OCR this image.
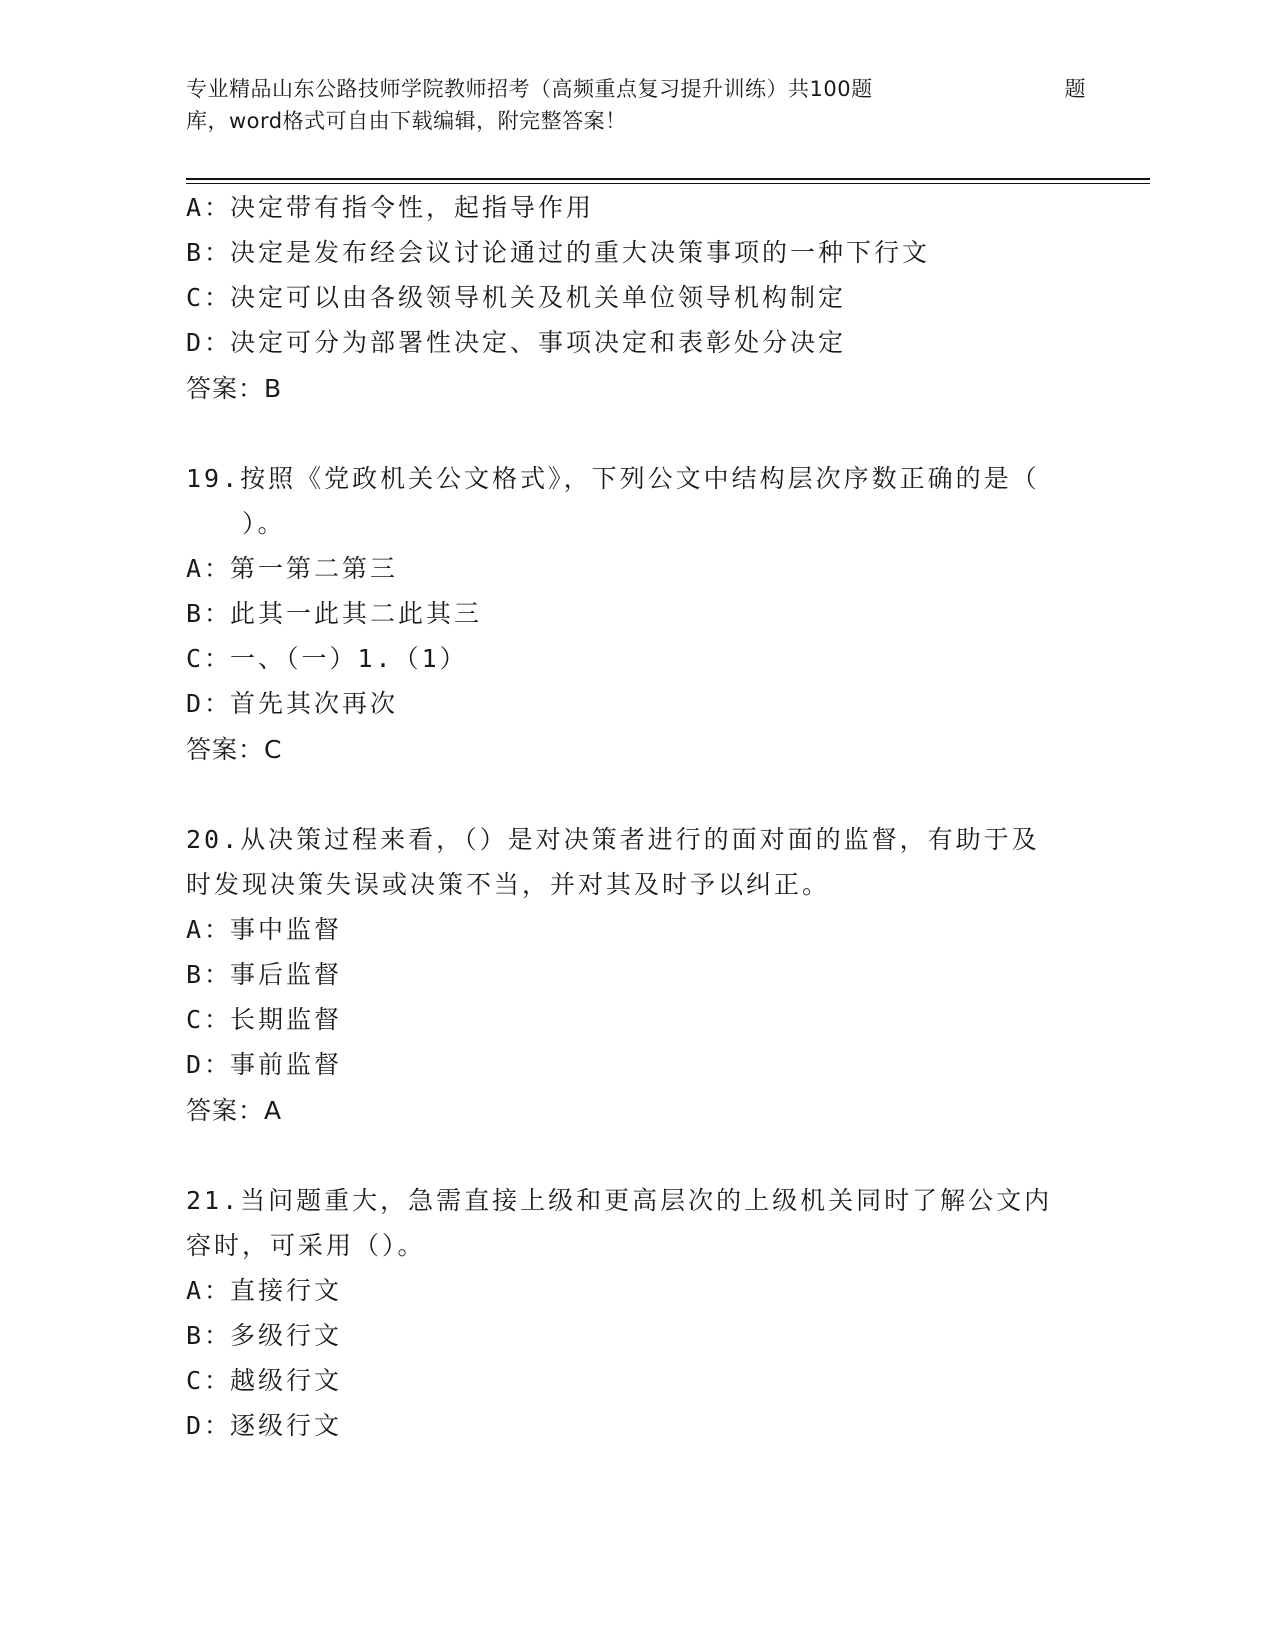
专业精品山东公路技师学院教师招考（高频重点复习提升训练）共100题	题
库，word格式可自由下载编辑，附完整答案！
A：决定带有指令性，起指导作用
B：决定是发布经会议讨论通过的重大决策事项的一种下行文
C：决定可以由各级领导机关及机关单位领导机构制定
D：决定可分为部署性决定、事项决定和表彰处分决定
答案：B
19.按照《党政机关公文格式》，下列公文中结构层次序数正确的是（
　　）。
A：第一第二第三
B：此其一此其二此其三
C：一、（一）1.（1）
D：首先其次再次
答案：C
20.从决策过程来看，（）是对决策者进行的面对面的监督，有助于及
时发现决策失误或决策不当，并对其及时予以纠正。
A：事中监督
B：事后监督
C：长期监督
D：事前监督
答案：A
21.当问题重大，急需直接上级和更高层次的上级机关同时了解公文内
容时，可采用（）。
A：直接行文
B：多级行文
C：越级行文
D：逐级行文
